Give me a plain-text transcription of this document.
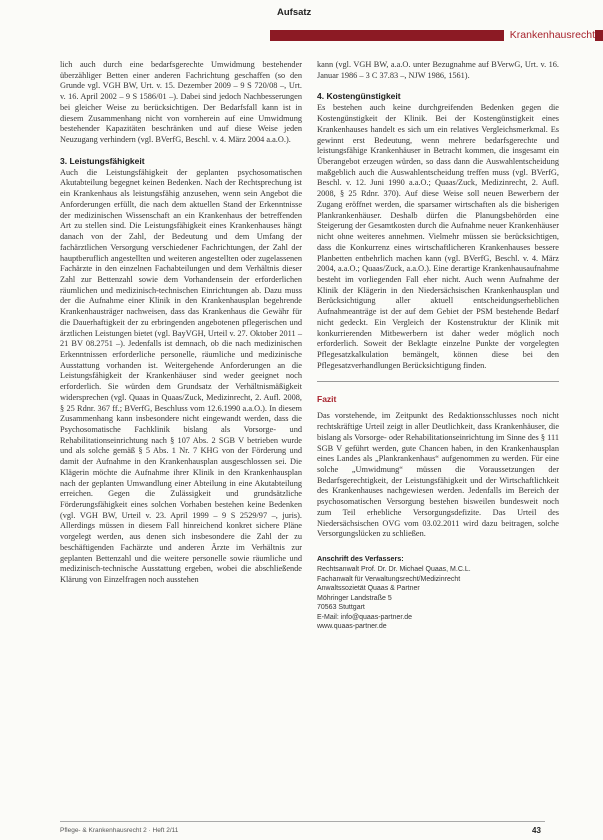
Aufsatz
Krankenhausrecht

lich auch durch eine bedarfsgerechte Umwidmung bestehender überzähliger Betten einer anderen Fachrichtung geschaffen (so den Grunde vgl. VGH BW, Urt. v. 15. Dezember 2009 – 9 S 720/08 –, Urt. v. 16. April 2002 – 9 S 1586/01 –). Dabei sind jedoch Nachbesserungen bei gleicher Weise zu berücksichtigen. Der Bedarfsfall kann ist in diesem Zusammenhang nicht von vornherein auf eine Umwidmung bestehender Kapazitäten beschränken und auf diese Weise jeden Neuzugang verhindern (vgl. BVerfG, Beschl. v. 4. März 2004 a.a.O.).

3. Leistungsfähigkeit

Auch die Leistungsfähigkeit der geplanten psychosomatischen Akutabteilung begegnet keinen Bedenken. Nach der Rechtsprechung ist ein Krankenhaus als leistungsfähig anzusehen, wenn sein Angebot die Anforderungen erfüllt, die nach dem aktuellen Stand der Erkenntnisse der medizinischen Wissenschaft an ein Krankenhaus der betreffenden Art zu stellen sind. Die Leistungsfähigkeit eines Krankenhauses hängt danach von der Zahl, der Bedeutung und dem Umfang der fachärztlichen Versorgung verschiedener Fachrichtungen, der Zahl der hauptberuflich angestellten und weiteren angestellten oder zugelassenen Fachärzte in den einzelnen Fachabteilungen und dem Verhältnis dieser Zahl zur Bettenzahl sowie dem Vorhandensein der erforderlichen räumlichen und medizinisch-technischen Einrichtungen ab. Dazu muss der die Aufnahme einer Klinik in den Krankenhausplan begehrende Krankenhausträger nachweisen, dass das Krankenhaus die Gewähr für die Dauerhaftigkeit der zu erbringenden angebotenen pflegerischen und ärztlichen Leistungen bietet (vgl. BayVGH, Urteil v. 27. Oktober 2011 – 21 BV 08.2751 –). Jedenfalls ist demnach, ob die nach medizinischen Erkenntnissen erforderliche personelle, räumliche und medizinische Ausstattung vorhanden ist. Weitergehende Anforderungen an die Leistungsfähigkeit der Krankenhäuser sind weder geeignet noch erforderlich. Sie würden dem Grundsatz der Verhältnismäßigkeit widersprechen (vgl. Quaas in Quaas/Zuck, Medizinrecht, 2. Aufl. 2008, § 25 Rdnr. 367 ff.; BVerfG, Beschluss vom 12.6.1990 a.a.O.). In diesem Zusammenhang kann insbesondere nicht eingewandt werden, dass die Psychosomatische Fachklinik bislang als Vorsorge- und Rehabilitationseinrichtung nach § 107 Abs. 2 SGB V betrieben wurde und als solche gemäß § 5 Abs. 1 Nr. 7 KHG von der Förderung und damit der Aufnahme in den Krankenhausplan ausgeschlossen sei. Die Klägerin möchte die Aufnahme ihrer Klinik in den Krankenhausplan nach der geplanten Umwandlung einer Abteilung in eine Akutabteilung erreichen. Gegen die Zulässigkeit und grundsätzliche Förderungsfähigkeit eines solchen Vorhaben bestehen keine Bedenken (vgl. VGH BW, Urteil v. 23. April 1999 – 9 S 2529/97 –, juris). Allerdings müssen in diesem Fall hinreichend konkret sichere Pläne vorgelegt werden, aus denen sich insbesondere die Zahl der zu beschäftigenden Fachärzte und anderen Ärzte im Verhältnis zur geplanten Bettenzahl und die weitere personelle sowie räumliche und medizinisch-technische Ausstattung ergeben, wobei die abschließende Klärung von Einzelfragen noch ausstehen

kann (vgl. VGH BW, a.a.O. unter Bezugnahme auf BVerwG, Urt. v. 16. Januar 1986 – 3 C 37.83 –, NJW 1986, 1561).

4. Kostengünstigkeit

Es bestehen auch keine durchgreifenden Bedenken gegen die Kostengünstigkeit der Klinik. Bei der Kostengünstigkeit eines Krankenhauses handelt es sich um ein relatives Vergleichsmerkmal. Es gewinnt erst Bedeutung, wenn mehrere bedarfsgerechte und leistungsfähige Krankenhäuser in Betracht kommen, die insgesamt ein Überangebot erzeugen würden, so dass dann die Auswahlentscheidung maßgeblich auch die Auswahlentscheidung treffen muss (vgl. BVerfG, Beschl. v. 12. Juni 1990 a.a.O.; Quaas/Zuck, Medizinrecht, 2. Aufl. 2008, § 25 Rdnr. 370). Auf diese Weise soll neuen Bewerbern der Zugang eröffnet werden, die sparsamer wirtschaften als die bisherigen Plankrankenhäuser. Deshalb dürfen die Planungsbehörden eine Steigerung der Gesamtkosten durch die Aufnahme neuer Krankenhäuser nicht ohne weiteres annehmen. Vielmehr müssen sie berücksichtigen, dass die Konkurrenz eines wirtschaftlicheren Krankenhauses bessere Planbetten entbehrlich machen kann (vgl. BVerfG, Beschl. v. 4. März 2004, a.a.O.; Quaas/Zuck, a.a.O.). Eine derartige Krankenhausaufnahme besteht im vorliegenden Fall eher nicht. Auch wenn Aufnahme der Klinik der Klägerin in den Niedersächsischen Krankenhausplan und Berücksichtigung aller aktuell entscheidungserheblichen Aufnahmeanträge ist der auf dem Gebiet der PSM bestehende Bedarf nicht gedeckt. Ein Vergleich der Kostenstruktur der Klinik mit konkurrierenden Mitbewerbern ist daher weder möglich noch erforderlich. Soweit der Beklagte einzelne Punkte der vorgelegten Pflegesatzkalkulation bemängelt, können diese bei den Pflegesatzverhandlungen Berücksichtigung finden.

Fazit

Das vorstehende, im Zeitpunkt des Redaktionsschlusses noch nicht rechtskräftige Urteil zeigt in aller Deutlichkeit, dass Krankenhäuser, die bislang als Vorsorge- oder Rehabilitationseinrichtung im Sinne des § 111 SGB V geführt werden, gute Chancen haben, in den Krankenhausplan eines Landes als „Plankrankenhaus“ aufgenommen zu werden. Für eine solche „Umwidmung“ müssen die Voraussetzungen der Bedarfsgerechtigkeit, der Leistungsfähigkeit und der Wirtschaftlichkeit des Krankenhauses nachgewiesen werden. Jedenfalls im Bereich der psychosomatischen Versorgung bestehen bisweilen bundesweit noch zum Teil erhebliche Versorgungsdefizite. Das Urteil des Niedersächsischen OVG vom 03.02.2011 wird dazu beitragen, solche Versorgungslücken zu schließen.

Anschrift des Verfassers:

Rechtsanwalt Prof. Dr. Dr. Michael Quaas, M.C.L.

Fachanwalt für Verwaltungsrecht/Medizinrecht

Anwaltssozietät Quaas & Partner

Möhringer Landstraße 5

70563 Stuttgart

E-Mail: info@quaas-partner.de

www.quaas-partner.de

Pflege- & Krankenhausrecht 2 · Heft 2/11	43
